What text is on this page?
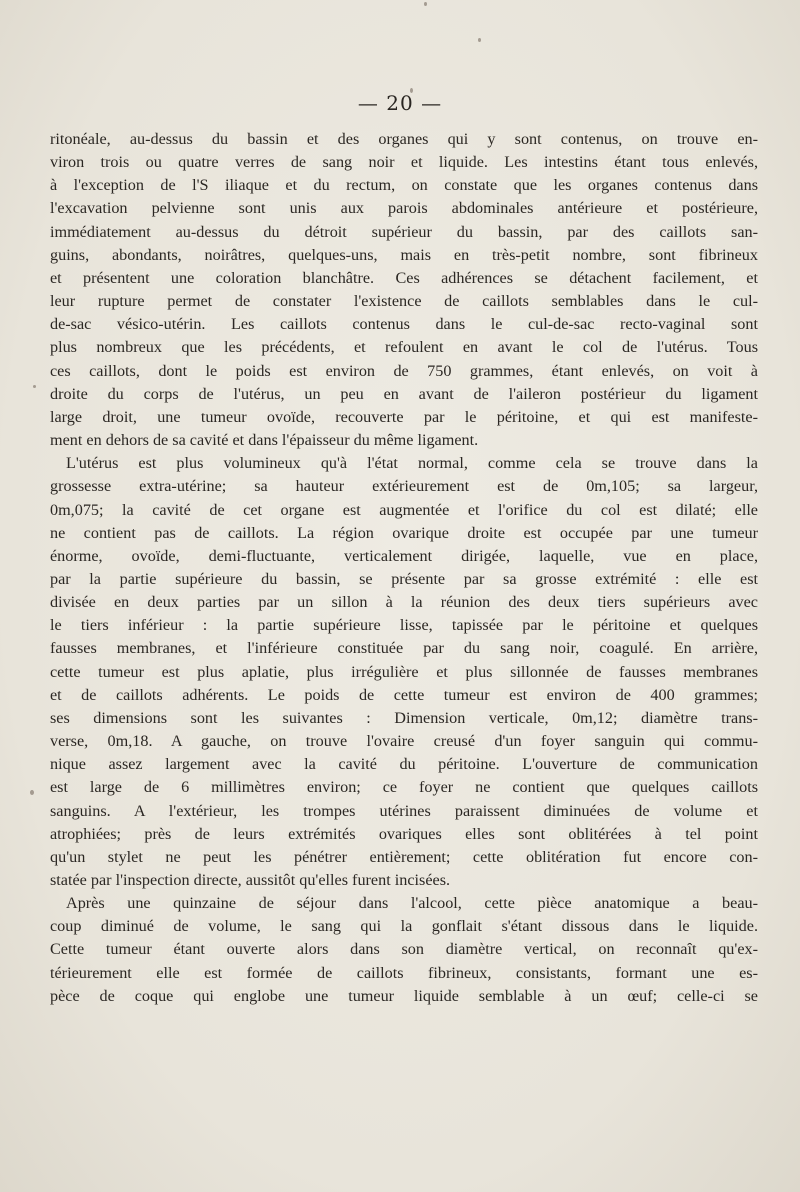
— 20 —

ritonéale, au-dessus du bassin et des organes qui y sont contenus, on trouve en-
viron trois ou quatre verres de sang noir et liquide. Les intestins étant tous enlevés,
à l'exception de l'S iliaque et du rectum, on constate que les organes contenus dans
l'excavation pelvienne sont unis aux parois abdominales antérieure et postérieure,
immédiatement au-dessus du détroit supérieur du bassin, par des caillots san-
guins, abondants, noirâtres, quelques-uns, mais en très-petit nombre, sont fibrineux
et présentent une coloration blanchâtre. Ces adhérences se détachent facilement, et
leur rupture permet de constater l'existence de caillots semblables dans le cul-
de-sac vésico-utérin. Les caillots contenus dans le cul-de-sac recto-vaginal sont
plus nombreux que les précédents, et refoulent en avant le col de l'utérus. Tous
ces caillots, dont le poids est environ de 750 grammes, étant enlevés, on voit à
droite du corps de l'utérus, un peu en avant de l'aileron postérieur du ligament
large droit, une tumeur ovoïde, recouverte par le péritoine, et qui est manifeste-
ment en dehors de sa cavité et dans l'épaisseur du même ligament.

L'utérus est plus volumineux qu'à l'état normal, comme cela se trouve dans la
grossesse extra-utérine; sa hauteur extérieurement est de 0m,105; sa largeur,
0m,075; la cavité de cet organe est augmentée et l'orifice du col est dilaté; elle
ne contient pas de caillots. La région ovarique droite est occupée par une tumeur
énorme, ovoïde, demi-fluctuante, verticalement dirigée, laquelle, vue en place,
par la partie supérieure du bassin, se présente par sa grosse extrémité : elle est
divisée en deux parties par un sillon à la réunion des deux tiers supérieurs avec
le tiers inférieur : la partie supérieure lisse, tapissée par le péritoine et quelques
fausses membranes, et l'inférieure constituée par du sang noir, coagulé. En arrière,
cette tumeur est plus aplatie, plus irrégulière et plus sillonnée de fausses membranes
et de caillots adhérents. Le poids de cette tumeur est environ de 400 grammes;
ses dimensions sont les suivantes : Dimension verticale, 0m,12; diamètre trans-
verse, 0m,18. A gauche, on trouve l'ovaire creusé d'un foyer sanguin qui commu-
nique assez largement avec la cavité du péritoine. L'ouverture de communication
est large de 6 millimètres environ; ce foyer ne contient que quelques caillots
sanguins. A l'extérieur, les trompes utérines paraissent diminuées de volume et
atrophiées; près de leurs extrémités ovariques elles sont oblitérées à tel point
qu'un stylet ne peut les pénétrer entièrement; cette oblitération fut encore con-
statée par l'inspection directe, aussitôt qu'elles furent incisées.

Après une quinzaine de séjour dans l'alcool, cette pièce anatomique a beau-
coup diminué de volume, le sang qui la gonflait s'étant dissous dans le liquide.
Cette tumeur étant ouverte alors dans son diamètre vertical, on reconnaît qu'ex-
térieurement elle est formée de caillots fibrineux, consistants, formant une es-
pèce de coque qui englobe une tumeur liquide semblable à un œuf; celle-ci se
